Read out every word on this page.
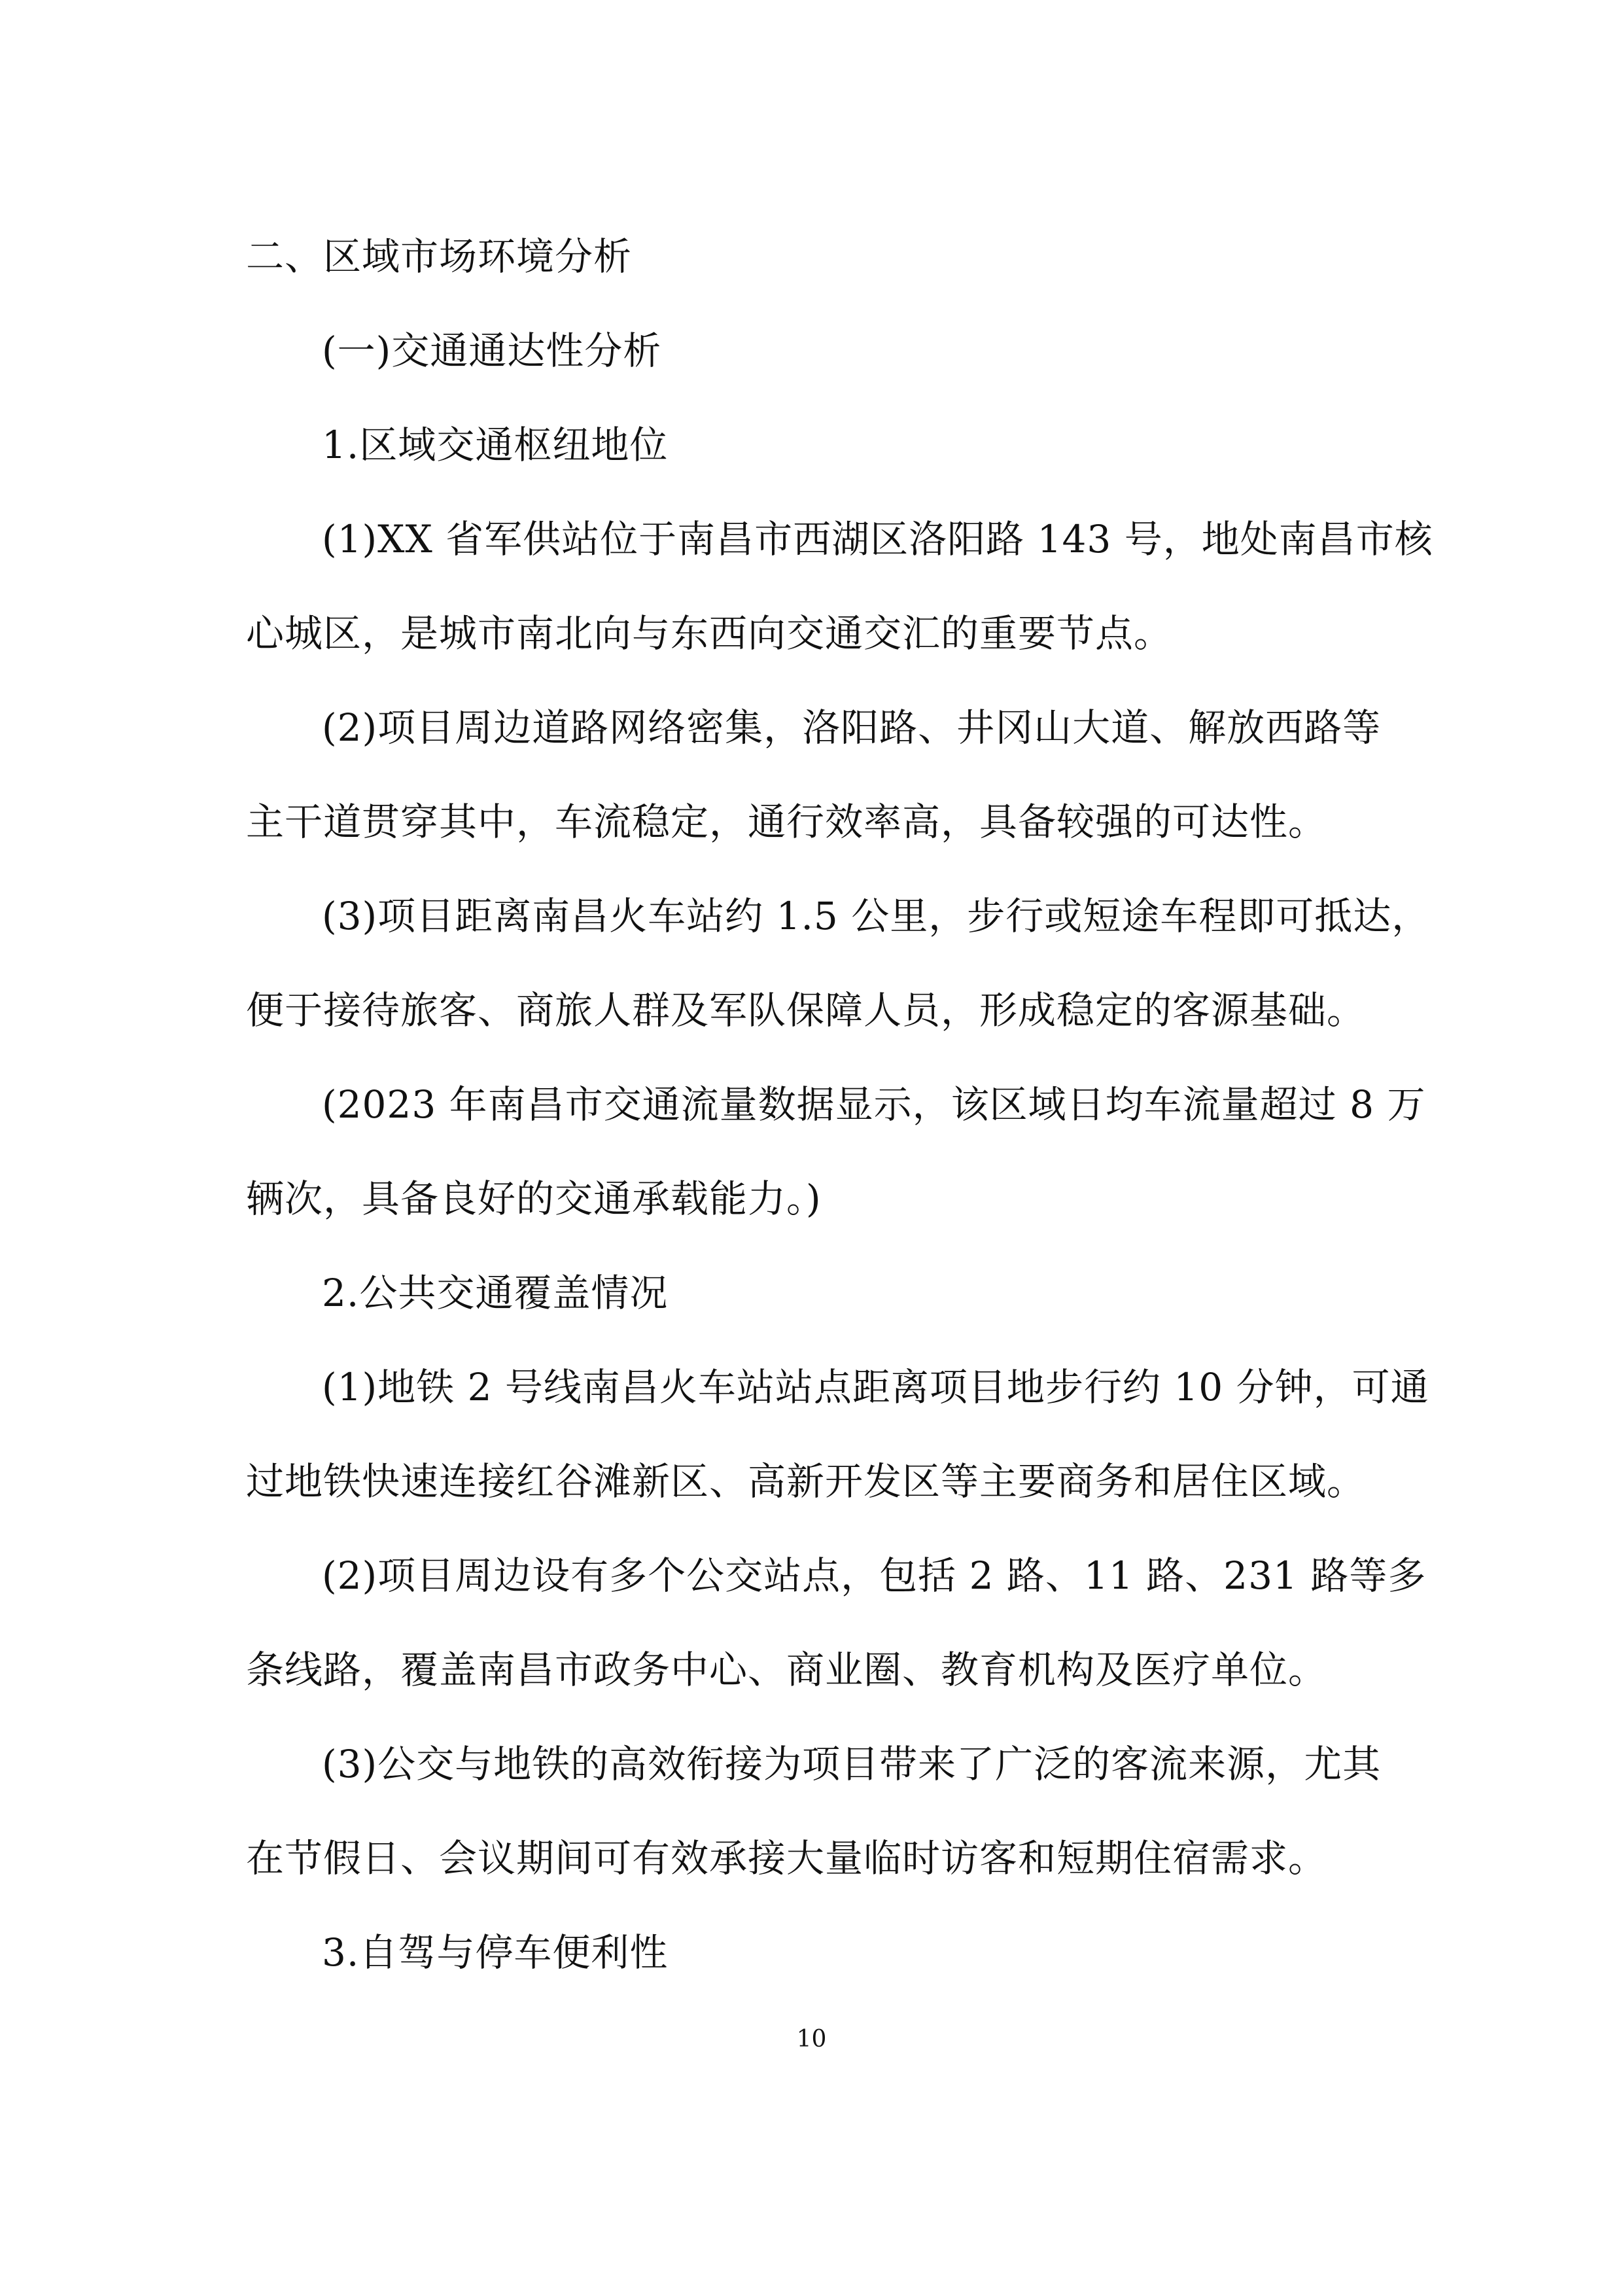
二、区域市场环境分析
(一)交通通达性分析
1.区域交通枢纽地位
(1)XX 省军供站位于南昌市西湖区洛阳路 143 号，地处南昌市核
心城区，是城市南北向与东西向交通交汇的重要节点。
(2)项目周边道路网络密集，洛阳路、井冈山大道、解放西路等
主干道贯穿其中，车流稳定，通行效率高，具备较强的可达性。
(3)项目距离南昌火车站约 1.5 公里，步行或短途车程即可抵达，
便于接待旅客、商旅人群及军队保障人员，形成稳定的客源基础。
(2023 年南昌市交通流量数据显示，该区域日均车流量超过 8 万
辆次，具备良好的交通承载能力。)
2.公共交通覆盖情况
(1)地铁 2 号线南昌火车站站点距离项目地步行约 10 分钟，可通
过地铁快速连接红谷滩新区、高新开发区等主要商务和居住区域。
(2)项目周边设有多个公交站点，包括 2 路、11 路、231 路等多
条线路，覆盖南昌市政务中心、商业圈、教育机构及医疗单位。
(3)公交与地铁的高效衔接为项目带来了广泛的客流来源，尤其
在节假日、会议期间可有效承接大量临时访客和短期住宿需求。
3.自驾与停车便利性
10
